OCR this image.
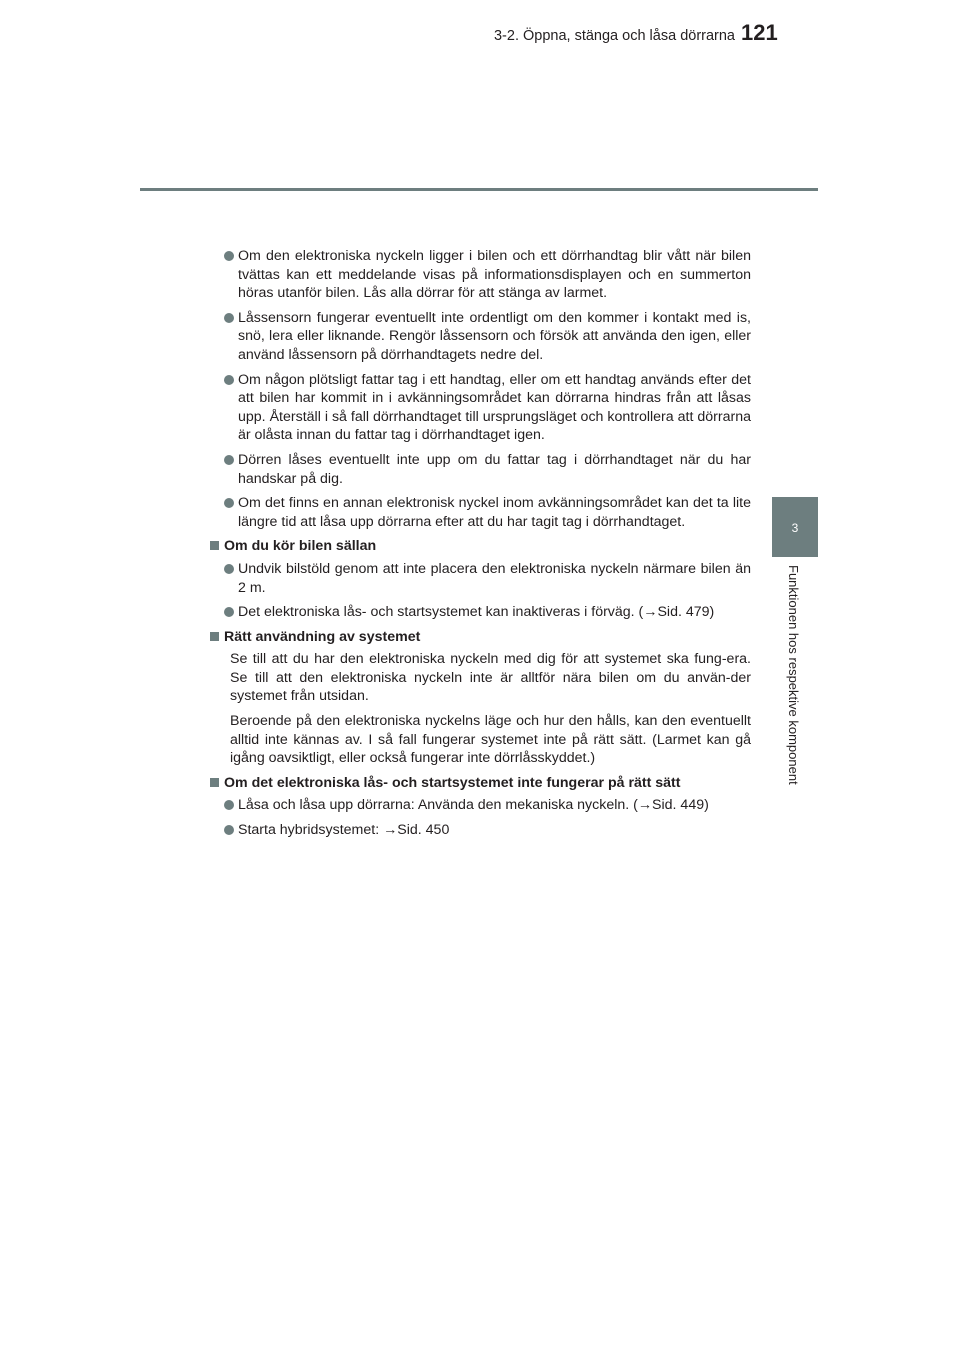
3-2. Öppna, stänga och låsa dörrarna 121
3
Funktionen hos respektive komponent
Om den elektroniska nyckeln ligger i bilen och ett dörrhandtag blir vått när bilen tvättas kan ett meddelande visas på informationsdisplayen och en summerton höras utanför bilen. Lås alla dörrar för att stänga av larmet.
Låssensorn fungerar eventuellt inte ordentligt om den kommer i kontakt med is, snö, lera eller liknande. Rengör låssensorn och försök att använda den igen, eller använd låssensorn på dörrhandtagets nedre del.
Om någon plötsligt fattar tag i ett handtag, eller om ett handtag används efter det att bilen har kommit in i avkänningsområdet kan dörrarna hindras från att låsas upp. Återställ i så fall dörrhandtaget till ursprungsläget och kontrollera att dörrarna är olåsta innan du fattar tag i dörrhandtaget igen.
Dörren låses eventuellt inte upp om du fattar tag i dörrhandtaget när du har handskar på dig.
Om det finns en annan elektronisk nyckel inom avkänningsområdet kan det ta lite längre tid att låsa upp dörrarna efter att du har tagit tag i dörrhandtaget.
Om du kör bilen sällan
Undvik bilstöld genom att inte placera den elektroniska nyckeln närmare bilen än 2 m.
Det elektroniska lås- och startsystemet kan inaktiveras i förväg. (→Sid. 479)
Rätt användning av systemet
Se till att du har den elektroniska nyckeln med dig för att systemet ska fung-era. Se till att den elektroniska nyckeln inte är alltför nära bilen om du använ-der systemet från utsidan.
Beroende på den elektroniska nyckelns läge och hur den hålls, kan den eventuellt alltid inte kännas av. I så fall fungerar systemet inte på rätt sätt. (Larmet kan gå igång oavsiktligt, eller också fungerar inte dörrlåsskyddet.)
Om det elektroniska lås- och startsystemet inte fungerar på rätt sätt
Låsa och låsa upp dörrarna: Använda den mekaniska nyckeln. (→Sid. 449)
Starta hybridsystemet: →Sid. 450
